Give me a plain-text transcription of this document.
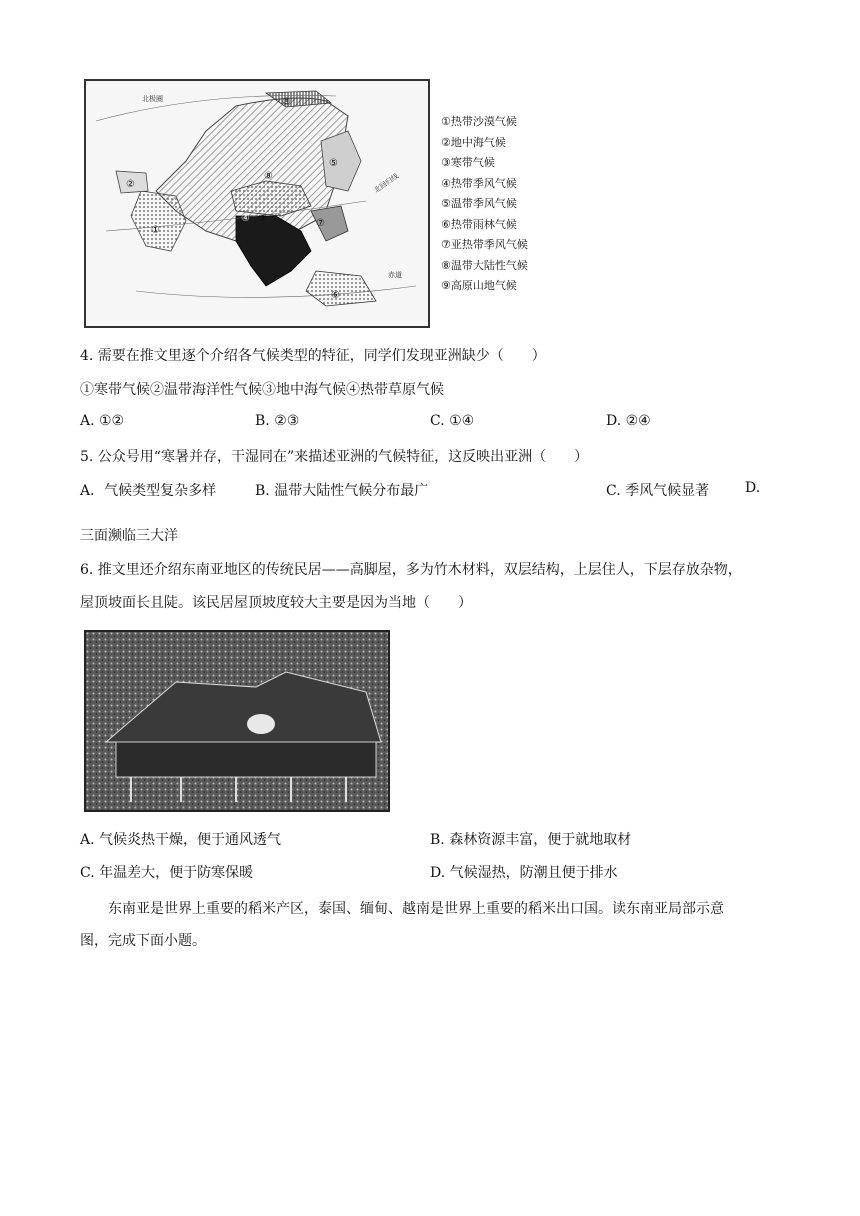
北极圈
北回归线
赤道
①
②
③
④
⑤
⑥
⑦
⑧
⑨
①热带沙漠气候
②地中海气候
③寒带气候
④热带季风气候
⑤温带季风气候
⑥热带雨林气候
⑦亚热带季风气候
⑧温带大陆性气候
⑨高原山地气候
4. 需要在推文里逐个介绍各气候类型的特征，同学们发现亚洲缺少（　　）
①寒带气候②温带海洋性气候③地中海气候④热带草原气候
A. ①②	B. ②③	C. ①④	D. ②④
5. 公众号用“寒暑并存，干湿同在”来描述亚洲的气候特征，这反映出亚洲（　　）
A．气候类型复杂多样	B. 温带大陆性气候分布最广	C. 季风气候显著	D.
三面濒临三大洋
6. 推文里还介绍东南亚地区的传统民居——高脚屋，多为竹木材料，双层结构，上层住人，下层存放杂物，
屋顶坡面长且陡。该民居屋顶坡度较大主要是因为当地（　　）
A. 气候炎热干燥，便于通风透气	B. 森林资源丰富，便于就地取材
C. 年温差大，便于防寒保暖	D. 气候湿热，防潮且便于排水
东南亚是世界上重要的稻米产区，泰国、缅甸、越南是世界上重要的稻米出口国。读东南亚局部示意
图，完成下面小题。
